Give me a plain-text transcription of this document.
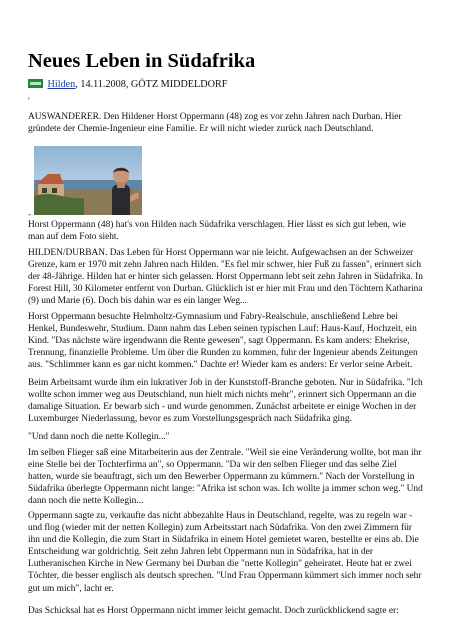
Neues Leben in Südafrika
Hilden, 14.11.2008, GÖTZ MIDDELDORF
'

AUSWANDERER. Den Hildener Horst Oppermann (48) zog es vor zehn Jahren nach Durban. Hier gründete der Chemie-Ingenieur eine Familie. Er will nicht wieder zurück nach Deutschland.

-

Horst Oppermann (48) hat's von Hilden nach Südafrika verschlagen. Hier lässt es sich gut leben, wie man auf dem Foto sieht.

HILDEN/DURBAN. Das Leben für Horst Oppermann war nie leicht. Aufgewachsen an der Schweizer Grenze, kam er 1970 mit zehn Jahren nach Hilden. "Es fiel mir schwer, hier Fuß zu fassen", erinnert sich der 48-Jährige. Hilden hat er hinter sich gelassen. Horst Oppermann lebt seit zehn Jahren in Südafrika. In Forest Hill, 30 Kilometer entfernt von Durban. Glücklich ist er hier mit Frau und den Töchtern Katharina (9) und Marie (6). Doch bis dahin war es ein langer Weg...

Horst Oppermann besuchte Helmholtz-Gymnasium und Fabry-Realschule, anschließend Lehre bei Henkel, Bundeswehr, Studium. Dann nahm das Leben seinen typischen Lauf: Haus-Kauf, Hochzeit, ein Kind. "Das nächste wäre irgendwann die Rente gewesen", sagt Oppermann. Es kam anders: Ehekrise, Trennung, finanzielle Probleme. Um über die Runden zu kommen, fuhr der Ingenieur abends Zeitungen aus. "Schlimmer kann es gar nicht kommen." Dachte er! Wieder kam es anders: Er verlor seine Arbeit.

Beim Arbeitsamt wurde ihm ein lukrativer Job in der Kunststoff-Branche geboten. Nur in Südafrika. "Ich wollte schon immer weg aus Deutschland, nun hielt mich nichts mehr", erinnert sich Oppermann an die damalige Situation. Er bewarb sich - und wurde genommen. Zunächst arbeitete er einige Wochen in der Luxemburger Niederlassung, bevor es zum Vorstellungsgespräch nach Südafrika ging.

"Und dann noch die nette Kollegin..."

Im selben Flieger saß eine Mitarbeiterin aus der Zentrale. "Weil sie eine Veränderung wollte, bot man ihr eine Stelle bei der Tochterfirma an", so Oppermann. "Da wir den selben Flieger und das selbe Ziel hatten, wurde sie beauftragt, sich um den Bewerber Oppermann zu kümmern." Nach der Vorstellung in Südafrika überlegte Oppermann nicht lange: "Afrika ist schon was. Ich wollte ja immer schon weg." Und dann noch die nette Kollegin...

Oppermann sagte zu, verkaufte das nicht abbezahlte Haus in Deutschland, regelte, was zu regeln war - und flog (wieder mit der netten Kollegin) zum Arbeitsstart nach Südafrika. Von den zwei Zimmern für ihn und die Kollegin, die zum Start in Südafrika in einem Hotel gemietet waren, bestellte er eins ab. Die Entscheidung war goldrichtig. Seit zehn Jahren lebt Oppermann nun in Südafrika, hat in der Lutheranischen Kirche in New Germany bei Durban die "nette Kollegin" geheiratet. Heute hat er zwei Töchter, die besser englisch als deutsch sprechen. "Und Frau Oppermann kümmert sich immer noch sehr gut um mich", lacht er.

Das Schicksal hat es Horst Oppermann nicht immer leicht gemacht. Doch zurückblickend sagte er:
